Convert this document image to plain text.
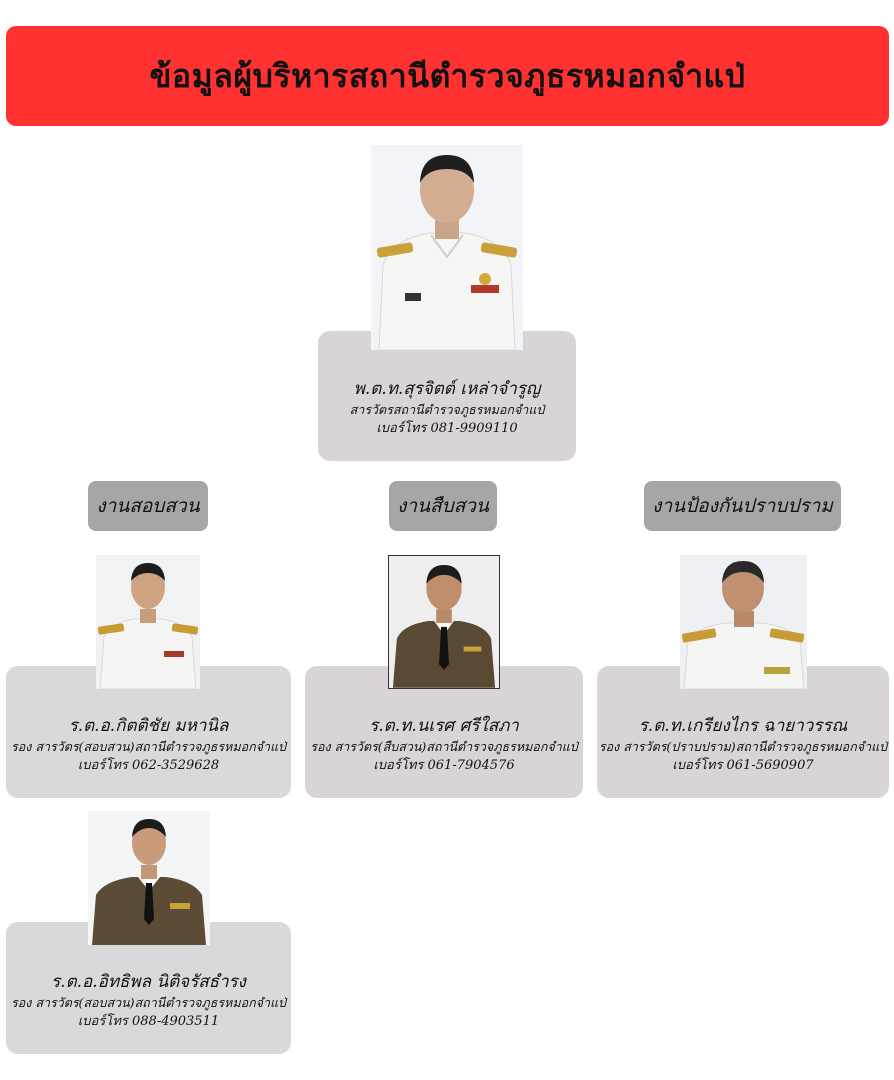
ข้อมูลผู้บริหารสถานีตำรวจภูธรหมอกจำแป่
พ.ต.ท.สุรจิตต์ เหล่าจำรูญ
สารวัตรสถานีตำรวจภูธรหมอกจำแป่
เบอร์โทร 081-9909110
งานสอบสวน	งานสืบสวน	งานป้องกันปราบปราม
ร.ต.อ.กิตติชัย มหานิล
รอง สารวัตร(สอบสวน)สถานีตำรวจภูธรหมอกจำแป่
เบอร์โทร 062-3529628
ร.ต.ท.นเรศ ศรีใสภา
รอง สารวัตร(สืบสวน)สถานีตำรวจภูธรหมอกจำแป่
เบอร์โทร 061-7904576
ร.ต.ท.เกรียงไกร ฉายาวรรณ
รอง สารวัตร(ปราบปราม)สถานีตำรวจภูธรหมอกจำแป่
เบอร์โทร 061-5690907
ร.ต.อ.อิทธิพล นิติจรัสธำรง
รอง สารวัตร(สอบสวน)สถานีตำรวจภูธรหมอกจำแป่
เบอร์โทร 088-4903511
